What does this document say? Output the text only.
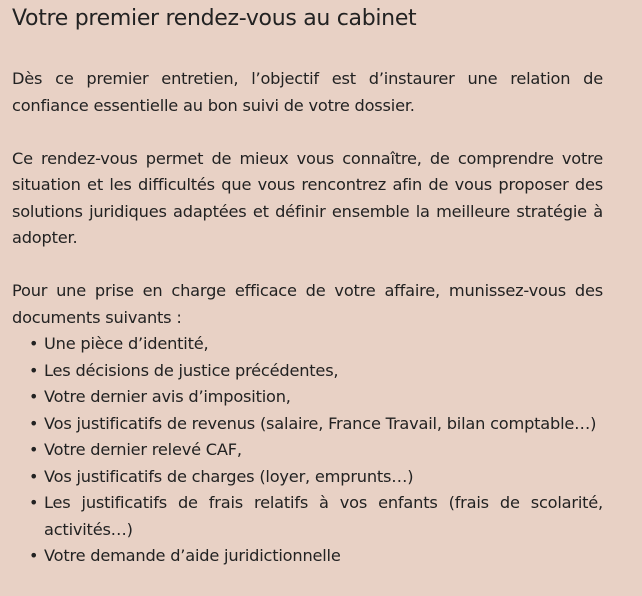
Votre premier rendez-vous au cabinet

Dès ce premier entretien, l’objectif est d’instaurer une relation de confiance essentielle au bon suivi de votre dossier.

Ce rendez-vous permet de mieux vous connaître, de comprendre votre situation et les difficultés que vous rencontrez afin de vous proposer des solutions juridiques adaptées et définir ensemble la meilleure stratégie à adopter.

Pour une prise en charge efficace de votre affaire, munissez-vous des documents suivants :

• Une pièce d’identité,
• Les décisions de justice précédentes,
• Votre dernier avis d’imposition,
• Vos justificatifs de revenus (salaire, France Travail, bilan comptable…)
• Votre dernier relevé CAF,
• Vos justificatifs de charges (loyer, emprunts…)
• Les justificatifs de frais relatifs à vos enfants (frais de scolarité, activités…)
• Votre demande d’aide juridictionnelle
